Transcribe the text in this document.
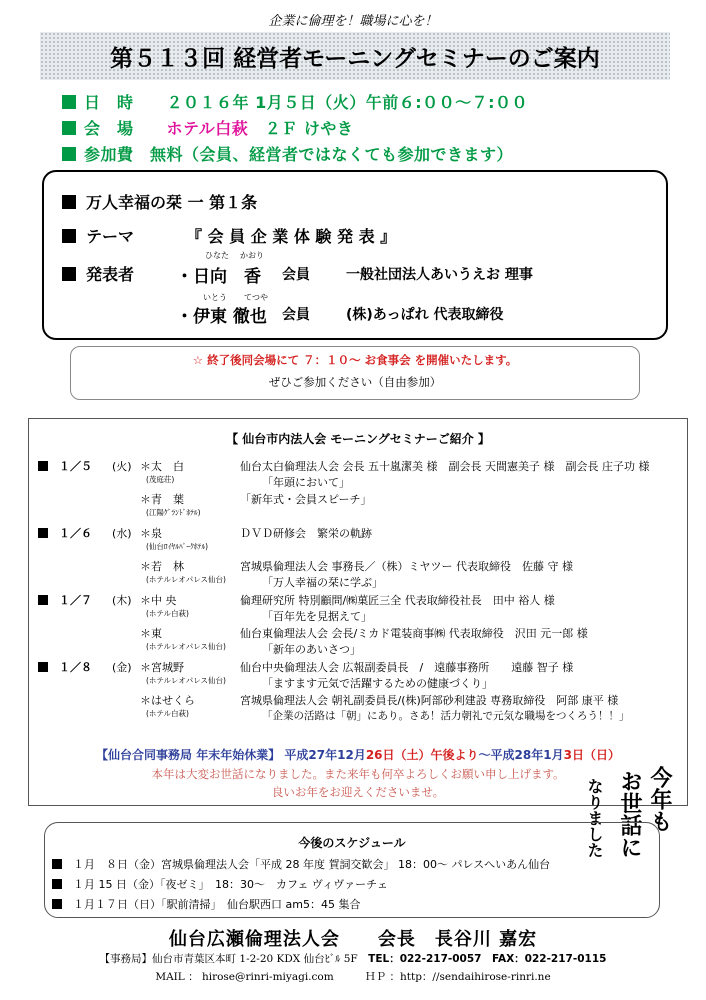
企業に倫理を！職場に心を！
第５１３回 経営者モーニングセミナーのご案内
日　時　　 ２０１６年 1月５日（火）午前６:００～７:００
会　場　　 ホテル白萩　 ２Ｆ けやき
参加費　 無料（会員、経営者ではなくても参加できます）
万人幸福の栞 一 第１条
テーマ	『 会 員 企 業 体 験 発 表 』
発表者
ひなた かおり
・日向　香 会員	一般社団法人あいうえお 理事
いとう てつや
・伊東 徹也 会員	(株)あっぱれ 代表取締役
☆ 終了後同会場にて ７：１０～ お食事会 を開催いたします。
ぜひご参加ください（自由参加）
【 仙台市内法人会 モーニングセミナーご紹介 】
　１／５ (火) ＊太　白
(茂庭荘)
仙台太白倫理法人会 会長 五十嵐潔美 様　副会長 天間憲美子 様　副会長 庄子功 様
「年頭において」
＊青　葉
(江陽ｸﾞﾗﾝﾄﾞﾎﾃﾙ)
「新年式・会員スピーチ」
　１／６ (水) ＊泉
(仙台ﾛｲﾔﾙﾊﾟｰｸﾎﾃﾙ)
ＤＶＤ研修会　繁栄の軌跡
＊若　林
(ホテルレオパレス仙台)
宮城県倫理法人会 事務長／（株）ミヤツー 代表取締役　佐藤 守 様
「万人幸福の栞に学ぶ」
　１／７ (木) ＊中 央
(ホテル白萩)
倫理研究所 特別顧問/㈱菓匠三全 代表取締役社長　田中 裕人 様
「百年先を見据えて」
＊東
(ホテルレオパレス仙台)
仙台東倫理法人会 会長/ミカド電装商事㈱ 代表取締役　沢田 元一郎 様
「新年のあいさつ」
　１／８ (金) ＊宮城野
(ホテルレオパレス仙台)
仙台中央倫理法人会 広報副委員長　/　遠藤事務所　　遠藤 智子 様
「ますます元気で活躍するための健康づくり」
＊はせくら
(ホテル白萩)
宮城県倫理法人会 朝礼副委員長/(株)阿部砂利建設 専務取締役　阿部 康平 様
「企業の活路は「朝」にあり。さあ！活力朝礼で元気な職場をつくろう！！」
【仙台合同事務局 年末年始休業】 平成27年12月26日（土）午後より～平成28年1月3日（日）
本年は大変お世話になりました。また来年も何卒よろしくお願い申し上げます。
良いお年をお迎えくださいませ。	今年も
お世話に
なりました
今後のスケジュール
　１月　８日（金）宮城県倫理法人会「平成 28 年度 賀詞交歓会」 18：00～ パレスへいあん仙台
　１月 15 日（金）「夜ゼミ」　18：30～　カフェ ヴィヴァーチェ
　１月１７日（日）「駅前清掃」　仙台駅西口 am5：45 集合
仙台広瀬倫理法人会　　会長　長谷川 嘉宏
【事務局】仙台市青葉区本町 1-2-20 KDX 仙台ﾋﾞﾙ 5F　 TEL：022-217-0057　FAX：022-217-0115
MAIL ： hirose@rinri-miyagi.com　　　	ＨＰ ：http：//sendaihirose-rinri.ne
